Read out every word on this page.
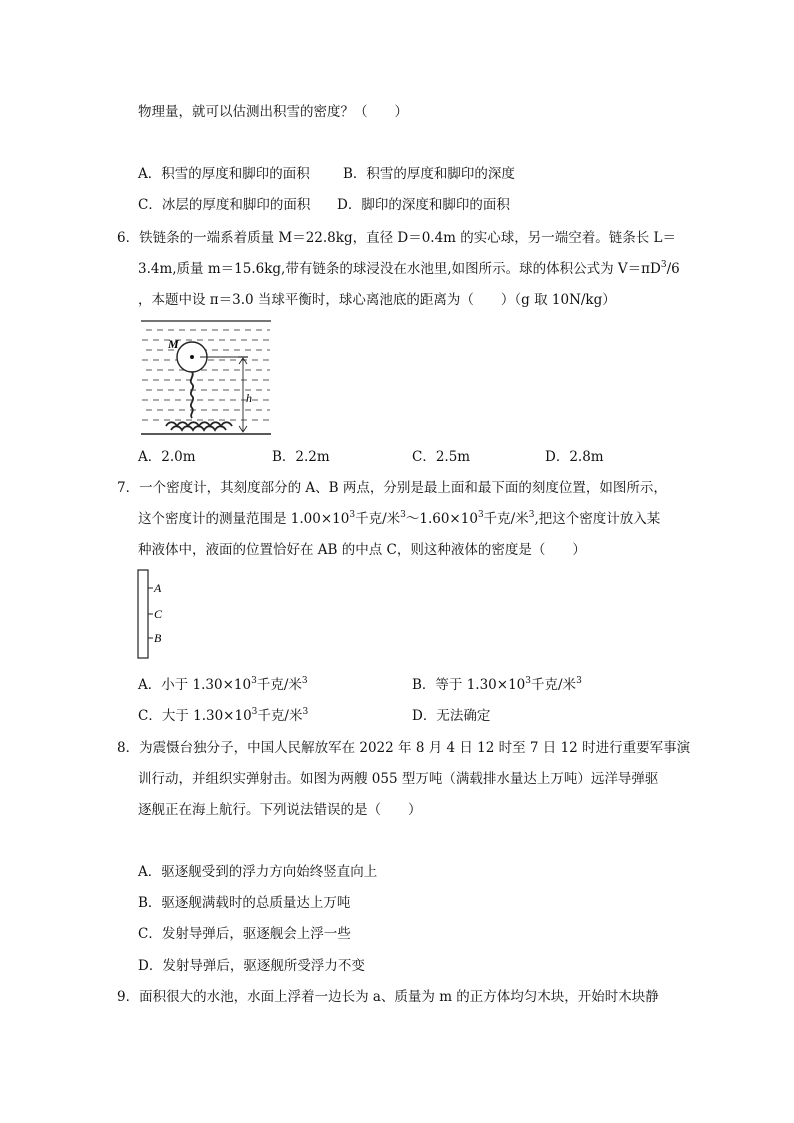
物理量，就可以估测出积雪的密度？（　　）
A．积雪的厚度和脚印的面积 B．积雪的厚度和脚印的深度
C．冰层的厚度和脚印的面积 D．脚印的深度和脚印的面积
6．铁链条的一端系着质量 M＝22.8kg，直径 D＝0.4m 的实心球，另一端空着。链条长 L＝
3.4m,质量 m＝15.6kg,带有链条的球浸没在水池里,如图所示。球的体积公式为 $V=\pi D^3/6$
，本题中设 π＝3.0 当球平衡时，球心离池底的距离为（　　）（g 取 10N/kg）
M
h
A．2.0m	B．2.2m	C．2.5m	D．2.8m
7．一个密度计，其刻度部分的 A、B 两点，分别是最上面和最下面的刻度位置，如图所示，
这个密度计的测量范围是 $1.00\times 10^3$千克/米$^3\sim 1.60\times 10^3$千克/米$^3$,把这个密度计放入某
种液体中，液面的位置恰好在 AB 的中点 C，则这种液体的密度是（　　）
A
C
B
A．小于 $1.30\times 10^3$千克/米$^3$	B．等于 $1.30\times 10^3$千克/米$^3$
C．大于 $1.30\times 10^3$千克/米$^3$	D．无法确定
8．为震慑台独分子，中国人民解放军在 2022 年 8 月 4 日 12 时至 7 日 12 时进行重要军事演
训行动，并组织实弹射击。如图为两艘 055 型万吨（满载排水量达上万吨）远洋导弹驱
逐舰正在海上航行。下列说法错误的是（　　）
A．驱逐舰受到的浮力方向始终竖直向上
B．驱逐舰满载时的总质量达上万吨
C．发射导弹后，驱逐舰会上浮一些
D．发射导弹后，驱逐舰所受浮力不变
9．面积很大的水池，水面上浮着一边长为 a、质量为 m 的正方体均匀木块，开始时木块静
